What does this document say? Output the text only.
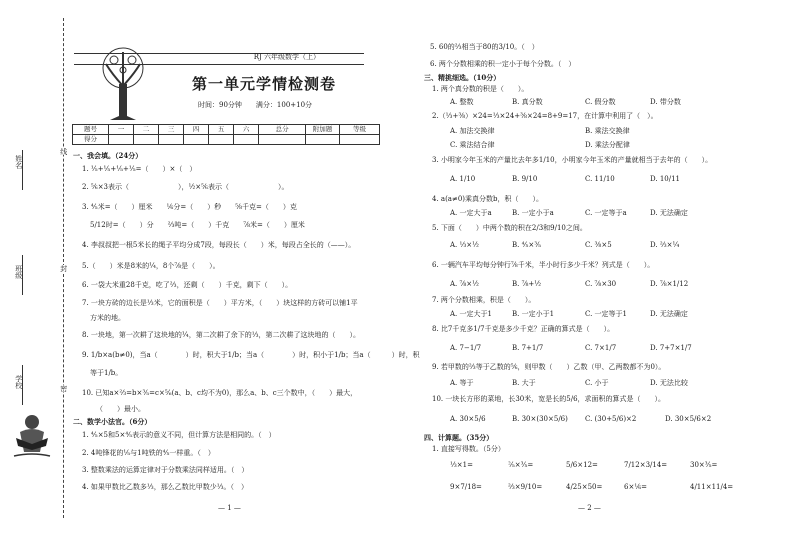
姓名
班级
学校
线
封
密
RJ 六年级数学（上）
第一单元学情检测卷
时间：90分钟　　满分：100+10分
题号	一	二	三	四	五	六	总分	附加题	等级
得分									
一、我会填。（24分）
1. ⅕+⅕+⅕+⅕=（　　）×（　）
2. ⅚×3表示（　　　　　　　），½×⅚表示（　　　　　　　）。
3. ⅘米=（　　）厘米　　⅙分=（　　）秒　　⅝千克=（　　）克
5/12时=（　　）分　　⅔吨=（　　）千克　　⅞米=（　　）厘米
4. 李叔叔把一根5米长的绳子平均分成7段，每段长（　　）米，每段占全长的（——）。
5.（　　）米是8米的¼，8个⅞是（　　）。
6. 一袋大米重28千克，吃了⅔，还剩（　　）千克，剩下（　　）。
7. 一块方砖的边长是⅓米，它的面积是（　　）平方米，（　　）块这样的方砖可以铺1平
方米的地。
8. 一块地，第一次耕了这块地的¼，第二次耕了余下的⅓，第二次耕了这块地的（　　）。
9. 1/b×a(b≠0)，当a（　　　　）时，积大于1/b；当a（　　　　）时，积小于1/b；当a（　　　）时，积
等于1/b。
10. 已知a×⅔=b×⅗=c×⁵⁄₆(a、b、c均不为0)，那么a、b、c三个数中，（　　）最大，
（　　）最小。
二、数学小法官。（6分）
1. ⅘×5和5×⅘表示的意义不同，但计算方法是相同的。（　）
2. 4吨锋花的⅕与1吨铁的⅘一样重。（　）
3. 整数乘法的运算定律对于分数乘法同样适用。（　）
4. 如果甲数比乙数多⅓，那么乙数比甲数少⅓。（　）
— 1 —
5. 60的⅔相当于80的3/10。（　）
6. 两个分数相乘的积一定小于每个分数。（　）
三、精挑细选。（10分）
1. 两个真分数的积是（　　）。
A. 整数	B. 真分数	C. 假分数	D. 带分数
2.（⅓+⅜）×24=⅓×24+⅜×24=8+9=17，在计算中利用了（　）。
A. 加法交换律	B. 乘法交换律
C. 乘法结合律	D. 乘法分配律
3. 小明家今年玉米的产量比去年多1/10，小明家今年玉米的产量就相当于去年的（　　）。
A. 1/10	B. 9/10	C. 11/10	D. 10/11
4. a(a≠0)乘真分数b，积（　　）。
A. 一定大于a	B. 一定小于a	C. 一定等于a	D. 无法确定
5. 下面（　　）中两个数的积在2/3和9/10之间。
A. ⅓×½	B. ⅘×⅗	C. ⅜×5	D. ⅔×¼
6. 一辆汽车平均每分钟行⅞千米，半小时行多少千米？列式是（　　）。
A. ⅞×½	B. ⅞+½	C. ⅞×30	D. ⅞×1/12
7. 两个分数相乘，积是（　　）。
A. 一定大于1	B. 一定小于1	C. 一定等于1	D. 无法确定
8. 比7千克多1/7千克是多少千克？正确的算式是（　　）。
A. 7−1/7	B. 7+1/7	C. 7×1/7	D. 7+7×1/7
9. 若甲数的⅔等于乙数的⅚，则甲数（　　）乙数（甲、乙两数都不为0）。
A. 等于	B. 大于	C. 小于	D. 无法比较
10. 一块长方形的菜地，长30米，宽是长的5/6，求面积的算式是（　　）。
A. 30×5/6	B. 30×(30×5/6) C. (30+5/6)×2	D. 30×5/6×2
四、计算题。（35分）
1. 直接写得数。（5分）
⅓×1=	⅖×⅗=	5/6×12=	7/12×3/14=	30×⅗=
9×7/18=	⅔×9/10=	4/25×50=	6×⅙=	4/11×11/4=
— 2 —
